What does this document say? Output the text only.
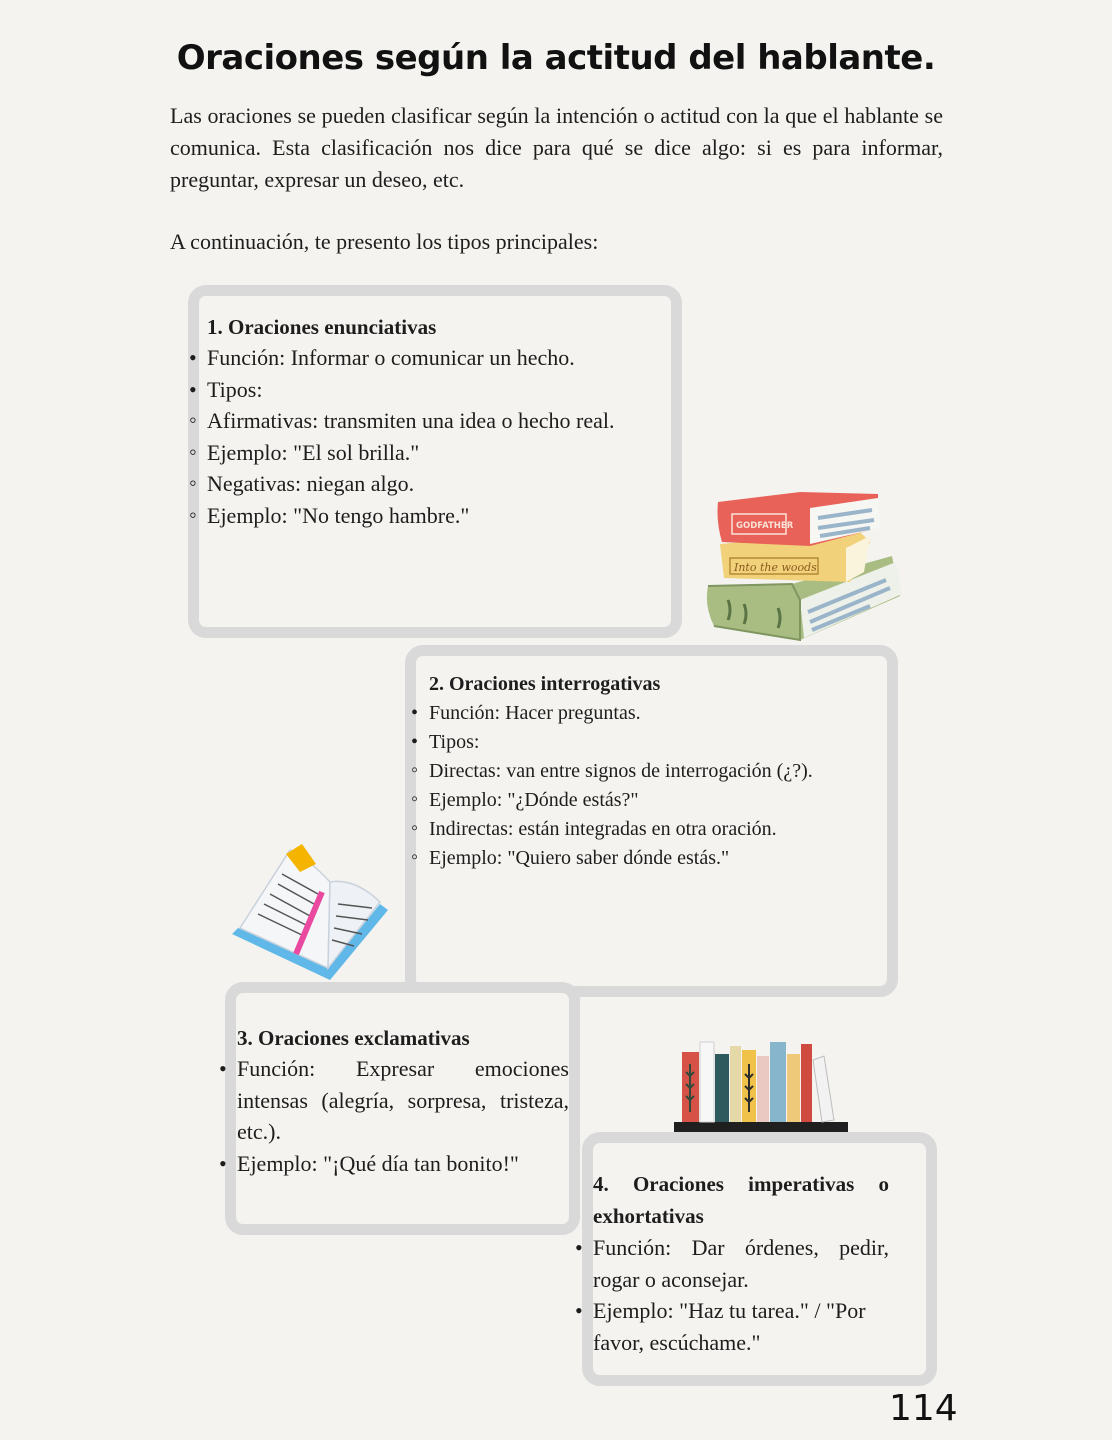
Oraciones según la actitud del hablante.

Las oraciones se pueden clasificar según la intención o actitud con la que el hablante se comunica. Esta clasificación nos dice para qué se dice algo: si es para informar, preguntar, expresar un deseo, etc.

A continuación, te presento los tipos principales:

1. Oraciones enunciativas
• Función: Informar o comunicar un hecho.
• Tipos:
◦ Afirmativas: transmiten una idea o hecho real.
◦ Ejemplo: "El sol brilla."
◦ Negativas: niegan algo.
◦ Ejemplo: "No tengo hambre."
Into the woods
GODFATHER
2. Oraciones interrogativas
• Función: Hacer preguntas.
• Tipos:
◦ Directas: van entre signos de interrogación (¿?).
◦ Ejemplo: "¿Dónde estás?"
◦ Indirectas: están integradas en otra oración.
◦ Ejemplo: "Quiero saber dónde estás."
3. Oraciones exclamativas
• Función: Expresar emociones intensas (alegría, sorpresa, tristeza, etc.).
• Ejemplo: "¡Qué día tan bonito!"
4. Oraciones imperativas o
exhortativas
• Función: Dar órdenes, pedir, rogar o aconsejar.
• Ejemplo: "Haz tu tarea." / "Por favor, escúchame."
114
